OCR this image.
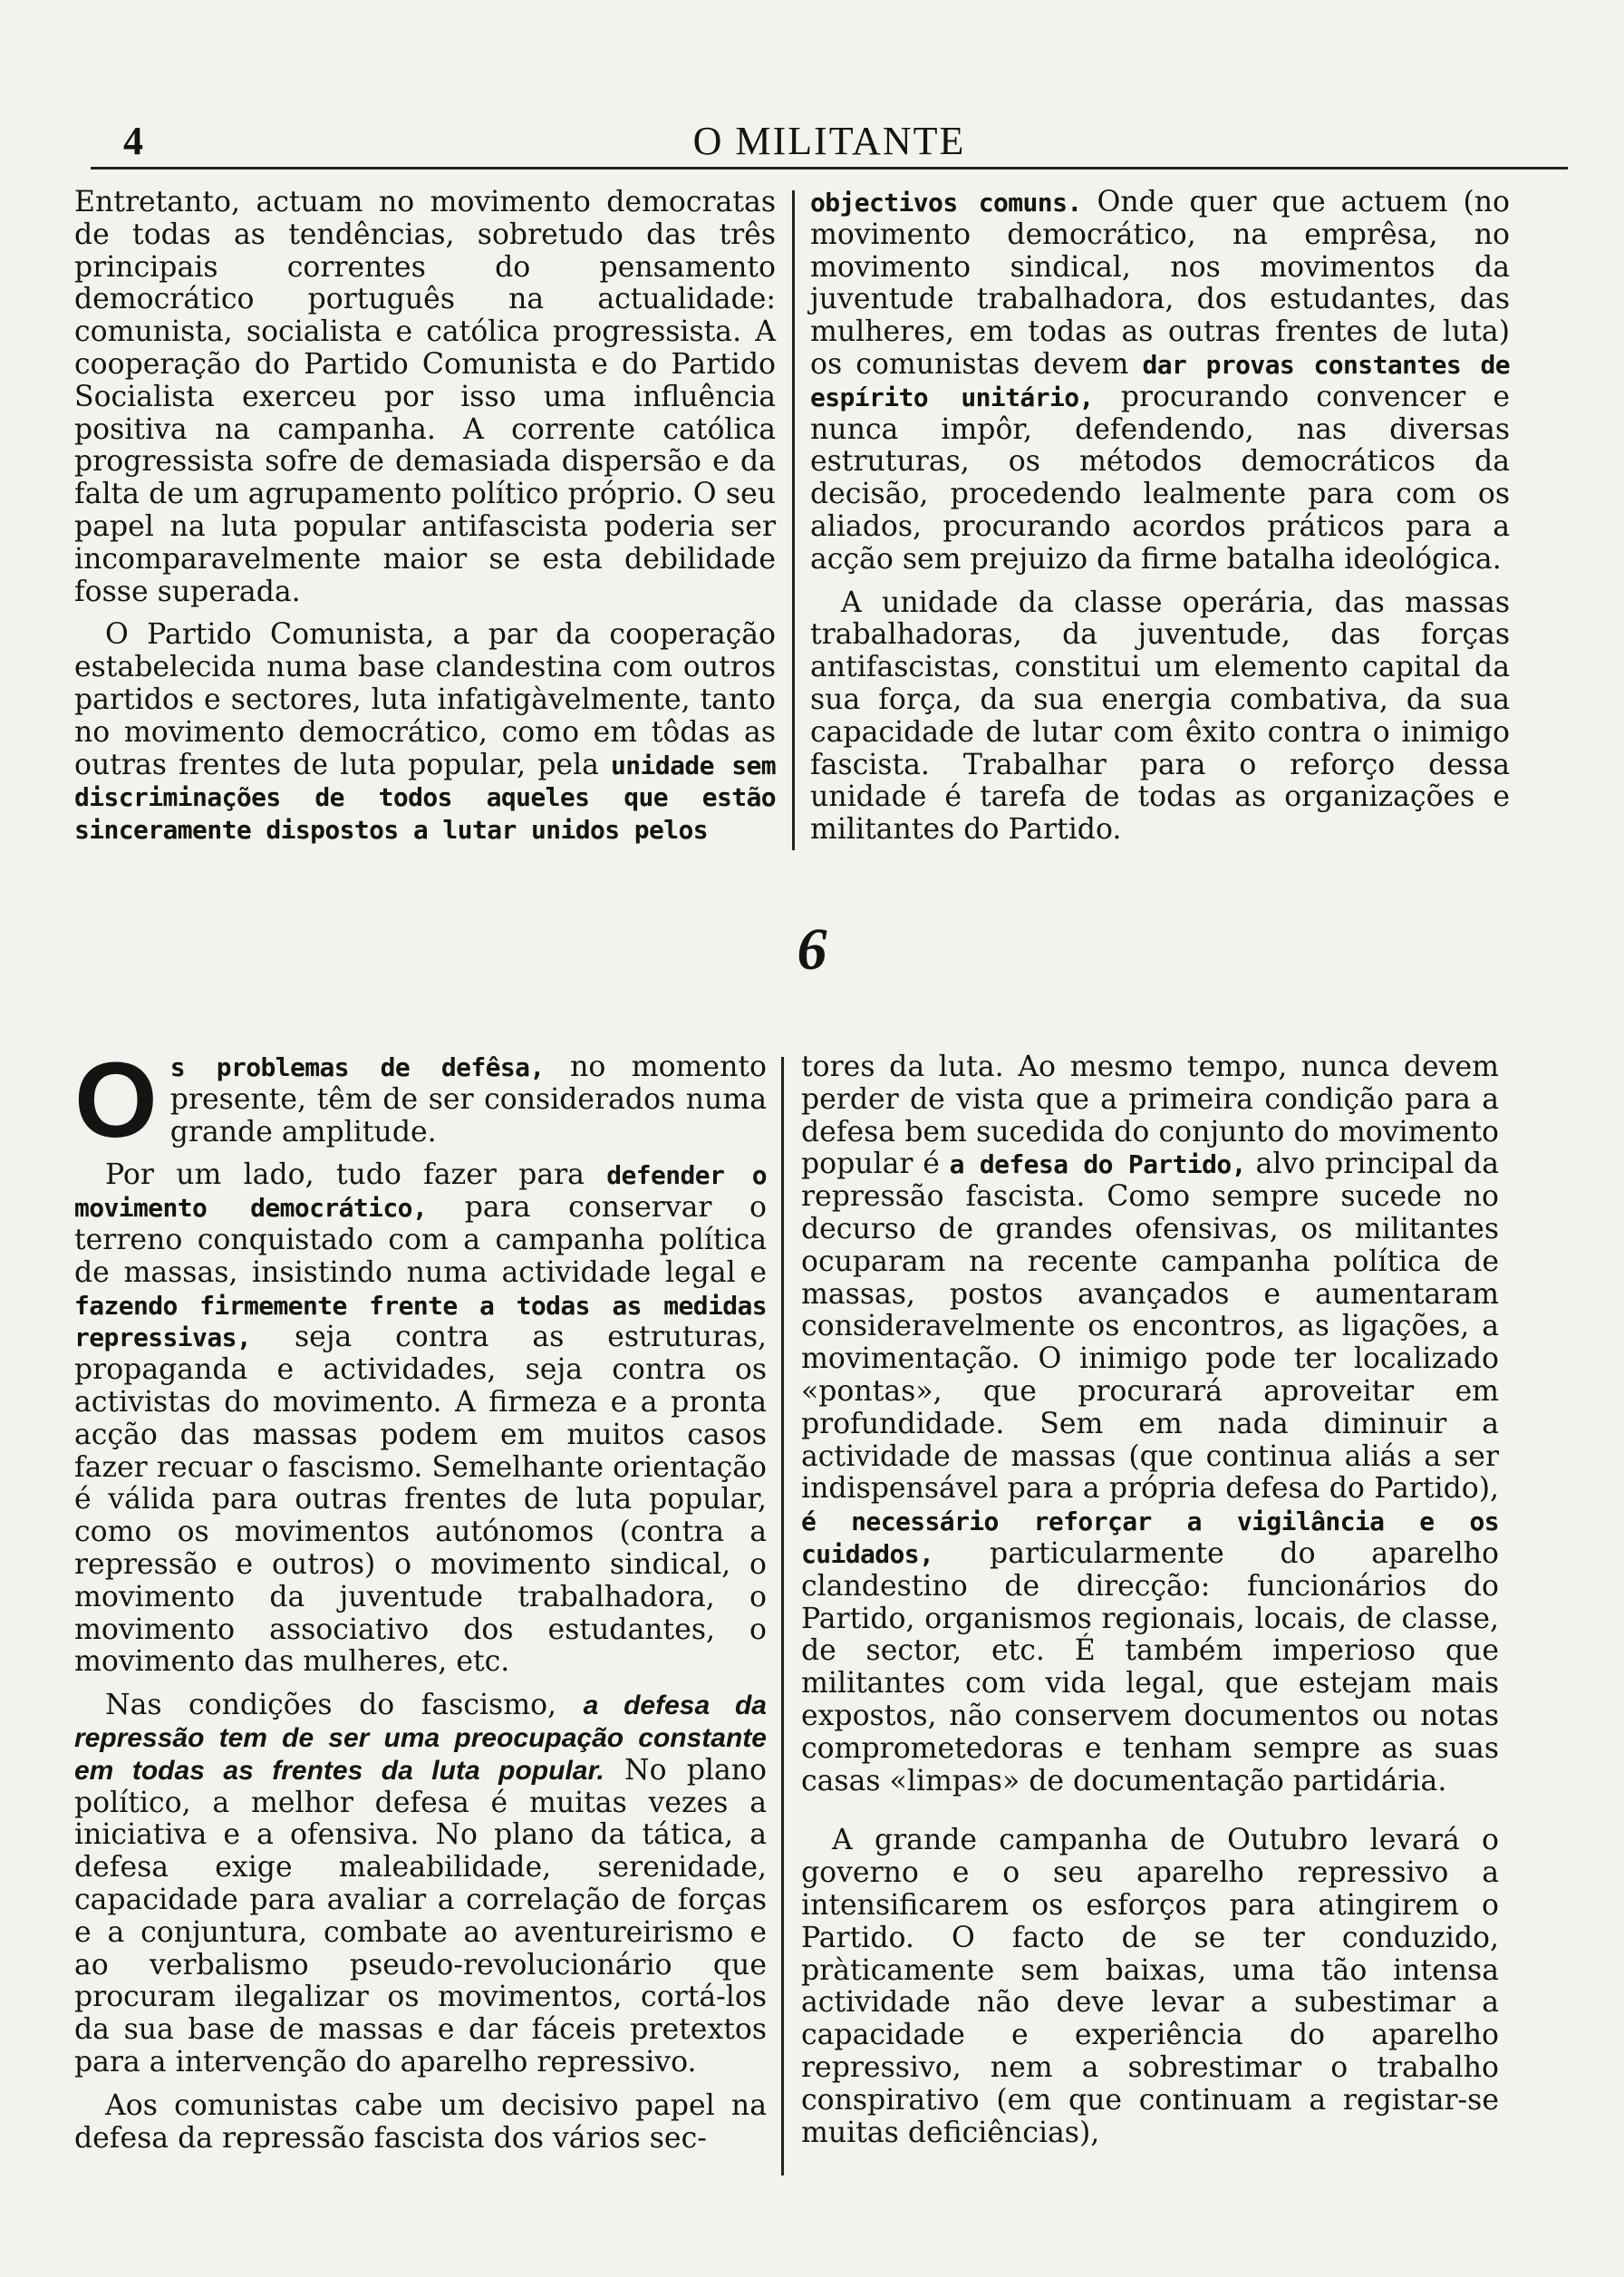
4	O MILITANTE

Entretanto, actuam no movimento democratas de todas as tendências, sobretudo das três principais correntes do pensamento democrático português na actualidade: comunista, socialista e católica progressista. A cooperação do Partido Comunista e do Partido Socialista exerceu por isso uma influência positiva na campanha. A corrente católica progressista sofre de demasiada dispersão e da falta de um agrupamento político próprio. O seu papel na luta popular antifascista poderia ser incomparavelmente maior se esta debilidade fosse superada.

O Partido Comunista, a par da cooperação estabelecida numa base clandestina com outros partidos e sectores, luta infatigàvelmente, tanto no movimento democrático, como em tôdas as outras frentes de luta popular, pela unidade sem discriminações de todos aqueles que estão sinceramente dispostos a lutar unidos pelos

objectivos comuns. Onde quer que actuem (no movimento democrático, na emprêsa, no movimento sindical, nos movimentos da juventude trabalhadora, dos estudantes, das mulheres, em todas as outras frentes de luta) os comunistas devem dar provas constantes de espírito unitário, procurando convencer e nunca impôr, defendendo, nas diversas estruturas, os métodos democráticos da decisão, procedendo lealmente para com os aliados, procurando acordos práticos para a acção sem prejuizo da firme batalha ideológica.

A unidade da classe operária, das massas trabalhadoras, da juventude, das forças antifascistas, constitui um elemento capital da sua força, da sua energia combativa, da sua capacidade de lutar com êxito contra o inimigo fascista. Trabalhar para o reforço dessa unidade é tarefa de todas as organizações e militantes do Partido.

6

Os problemas de defêsa, no momento presente, têm de ser considerados numa grande amplitude.

Por um lado, tudo fazer para defender o movimento democrático, para conservar o terreno conquistado com a campanha política de massas, insistindo numa actividade legal e fazendo firmemente frente a todas as medidas repressivas, seja contra as estruturas, propaganda e actividades, seja contra os activistas do movimento. A firmeza e a pronta acção das massas podem em muitos casos fazer recuar o fascismo. Semelhante orientação é válida para outras frentes de luta popular, como os movimentos autónomos (contra a repressão e outros) o movimento sindical, o movimento da juventude trabalhadora, o movimento associativo dos estudantes, o movimento das mulheres, etc.

Nas condições do fascismo, a defesa da repressão tem de ser uma preocupação constante em todas as frentes da luta popular. No plano político, a melhor defesa é muitas vezes a iniciativa e a ofensiva. No plano da tática, a defesa exige maleabilidade, serenidade, capacidade para avaliar a correlação de forças e a conjuntura, combate ao aventureirismo e ao verbalismo pseudo-revolucionário que procuram ilegalizar os movimentos, cortá-los da sua base de massas e dar fáceis pretextos para a intervenção do aparelho repressivo.

Aos comunistas cabe um decisivo papel na defesa da repressão fascista dos vários sec-

tores da luta. Ao mesmo tempo, nunca devem perder de vista que a primeira condição para a defesa bem sucedida do conjunto do movimento popular é a defesa do Partido, alvo principal da repressão fascista. Como sempre sucede no decurso de grandes ofensivas, os militantes ocuparam na recente campanha política de massas, postos avançados e aumentaram consideravelmente os encontros, as ligações, a movimentação. O inimigo pode ter localizado «pontas», que procurará aproveitar em profundidade. Sem em nada diminuir a actividade de massas (que continua aliás a ser indispensável para a própria defesa do Partido), é necessário reforçar a vigilância e os cuidados, particularmente do aparelho clandestino de direcção: funcionários do Partido, organismos regionais, locais, de classe, de sector, etc. É também imperioso que militantes com vida legal, que estejam mais expostos, não conservem documentos ou notas comprometedoras e tenham sempre as suas casas «limpas» de documentação partidária.

A grande campanha de Outubro levará o governo e o seu aparelho repressivo a intensificarem os esforços para atingirem o Partido. O facto de se ter conduzido, pràticamente sem baixas, uma tão intensa actividade não deve levar a subestimar a capacidade e experiência do aparelho repressivo, nem a sobrestimar o trabalho conspirativo (em que continuam a registar-se muitas deficiências),
